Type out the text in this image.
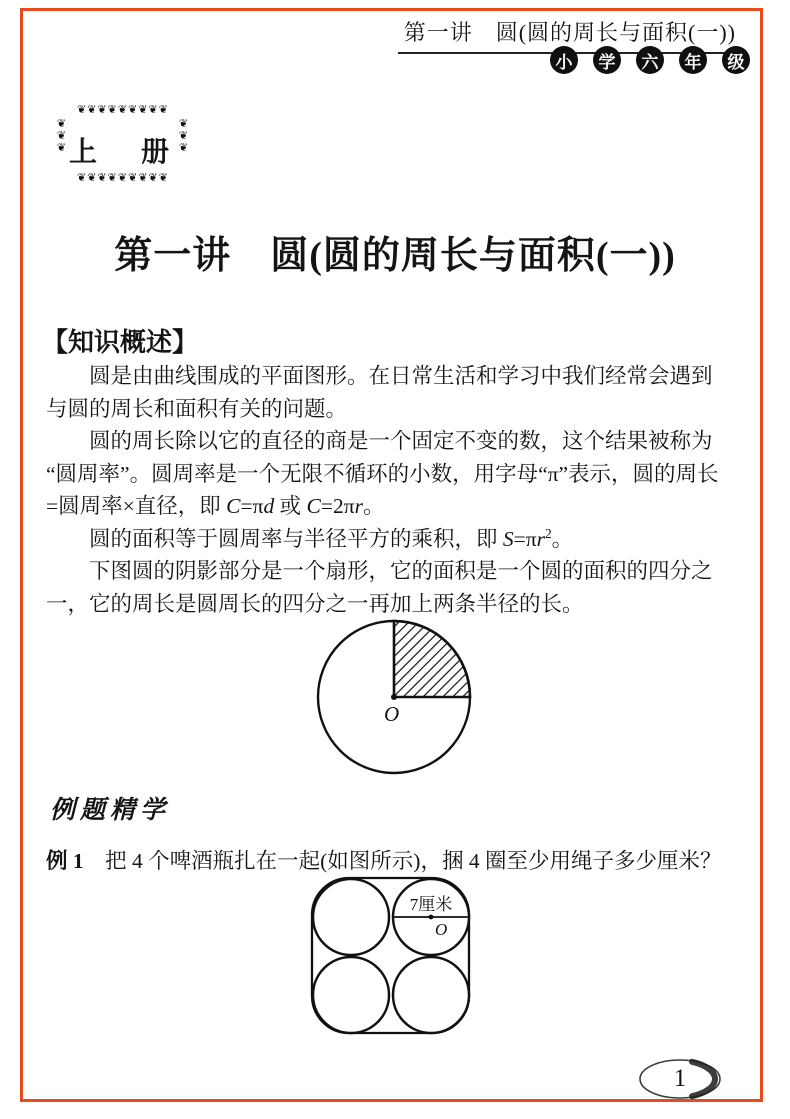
第一讲　圆(圆的周长与面积(一))
小	学	六	年	级
❦❦❦❦❦❦❦❦❦
❦❦❦
❦❦❦
❦❦❦❦❦❦❦❦❦
上　册
第一讲　圆(圆的周长与面积(一))
【知识概述】
圆是由曲线围成的平面图形。在日常生活和学习中我们经常会遇到
与圆的周长和面积有关的问题。
圆的周长除以它的直径的商是一个固定不变的数，这个结果被称为
“圆周率”。圆周率是一个无限不循环的小数，用字母“π”表示，圆的周长
=圆周率×直径，即 C=πd 或 C=2πr。
圆的面积等于圆周率与半径平方的乘积，即 $S=\pi r^2$。
下图圆的阴影部分是一个扇形，它的面积是一个圆的面积的四分之
一，它的周长是圆周长的四分之一再加上两条半径的长。
O
例题精学
例 1　把 4 个啤酒瓶扎在一起(如图所示)，捆 4 圈至少用绳子多少厘米？
7厘米
O
1
